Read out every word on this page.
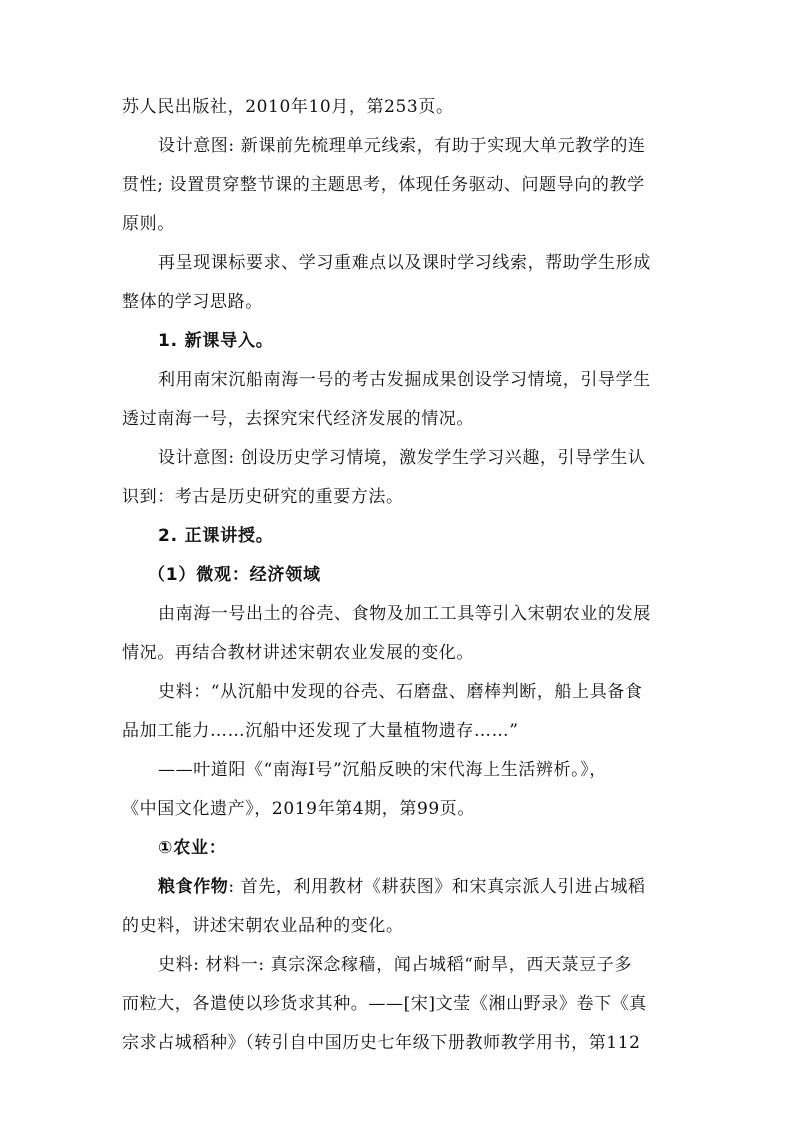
苏人民出版社，2010年10月，第253页。
设计意图: 新课前先梳理单元线索，有助于实现大单元教学的连
贯性; 设置贯穿整节课的主题思考，体现任务驱动、问题导向的教学
原则。
再呈现课标要求、学习重难点以及课时学习线索，帮助学生形成
整体的学习思路。
1. 新课导入。
利用南宋沉船南海一号的考古发掘成果创设学习情境，引导学生
透过南海一号，去探究宋代经济发展的情况。
设计意图: 创设历史学习情境，激发学生学习兴趣，引导学生认
识到：考古是历史研究的重要方法。
2. 正课讲授。
（1）微观：经济领域
由南海一号出土的谷壳、食物及加工工具等引入宋朝农业的发展
情况。再结合教材讲述宋朝农业发展的变化。
史料：“从沉船中发现的谷壳、石磨盘、磨棒判断，船上具备食
品加工能力……沉船中还发现了大量植物遗存……”
——叶道阳《“南海Ⅰ号”沉船反映的宋代海上生活辨析。》，
《中国文化遗产》，2019年第4期，第99页。
①农业：
粮食作物: 首先，利用教材《耕获图》和宋真宗派人引进占城稻
的史料，讲述宋朝农业品种的变化。
史料: 材料一: 真宗深念稼穑，闻占城稻“耐旱，西天菉豆子多
而粒大，各遣使以珍货求其种。——[宋]文莹《湘山野录》卷下《真
宗求占城稻种》（转引自中国历史七年级下册教师教学用书，第112
